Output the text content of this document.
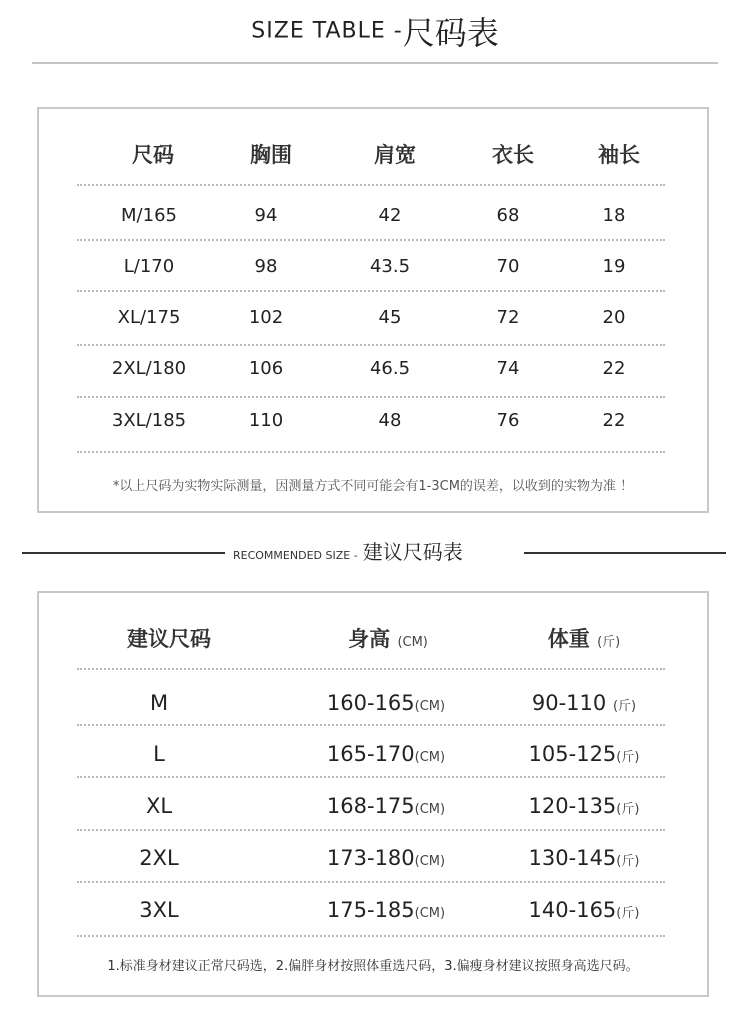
SIZE TABLE -尺码表
尺码	胸围	肩宽	衣长	袖长
M/165	94	42	68	18
L/170	98	43.5	70	19
XL/175	102	45	72	20
2XL/180	106	46.5	74	22
3XL/185	110	48	76	22
*以上尺码为实物实际测量，因测量方式不同可能会有1-3CM的误差，以收到的实物为准 ！
RECOMMENDED SIZE - 建议尺码表
建议尺码	身高 (CM)	体重 (斤)
M	160-165(CM)	90-110 (斤)
L	165-170(CM)	105-125(斤)
XL	168-175(CM)	120-135(斤)
2XL	173-180(CM)	130-145(斤)
3XL	175-185(CM)	140-165(斤)
1.标准身材建议正常尺码选，2.偏胖身材按照体重选尺码，3.偏瘦身材建议按照身高选尺码。
